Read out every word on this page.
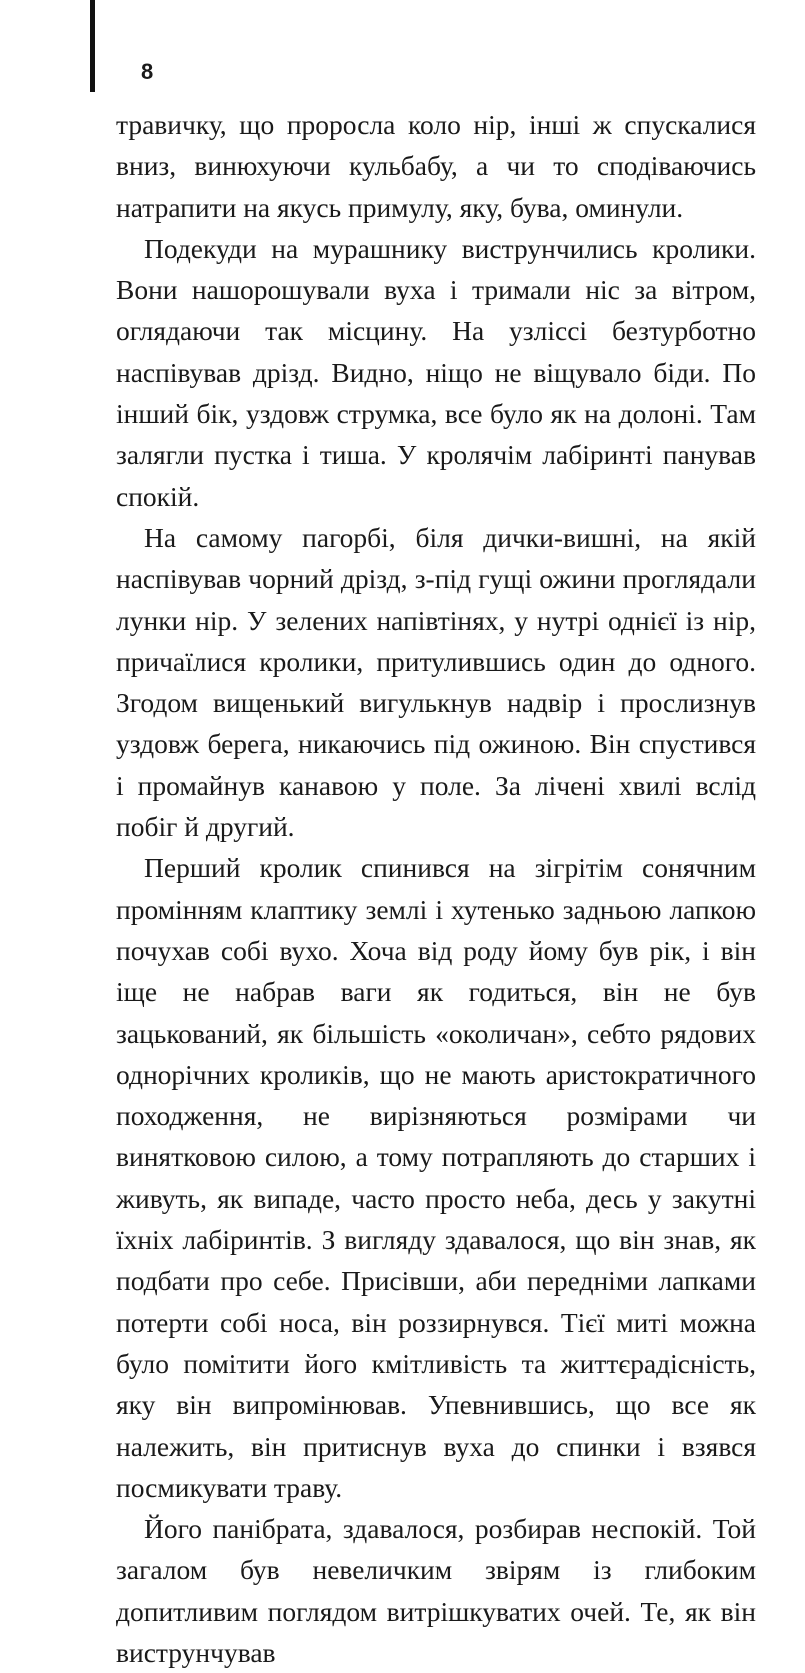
8

травичку, що проросла коло нір, інші ж спускалися вниз, винюхуючи кульбабу, а чи то сподіваючись натрапити на якусь примулу, яку, бува, оминули.

Подекуди на мурашнику виструнчились кролики. Вони нашорошували вуха і тримали ніс за вітром, оглядаючи так місцину. На узліссі безтурботно наспівував дрізд. Видно, ніщо не віщувало біди. По інший бік, уздовж струмка, все було як на долоні. Там залягли пустка і тиша. У кролячім лабіринті панував спокій.

На самому пагорбі, біля дички-вишні, на якій наспівував чорний дрізд, з-під гущі ожини проглядали лунки нір. У зелених напівтінях, у нутрі однієї із нір, причаїлися кролики, притулившись один до одного. Згодом вищенький вигулькнув надвір і прослизнув уздовж берега, никаючись під ожиною. Він спустився і промайнув канавою у поле. За лічені хвилі вслід побіг й другий.

Перший кролик спинився на зігрітім сонячним промінням клаптику землі і хутенько задньою лапкою почухав собі вухо. Хоча від роду йому був рік, і він іще не набрав ваги як годиться, він не був зацькований, як більшість «околичан», себто рядових однорічних кроликів, що не мають аристократичного походження, не вирізняються розмірами чи винятковою силою, а тому потрапляють до старших і живуть, як випаде, часто просто неба, десь у закутні їхніх лабіринтів. З вигляду здавалося, що він знав, як подбати про себе. Присівши, аби передніми лапками потерти собі носа, він роззирнувся. Тієї миті можна було помітити його кмітливість та життєрадісність, яку він випромінював. Упевнившись, що все як належить, він притиснув вуха до спинки і взявся посмикувати траву.

Його панібрата, здавалося, розбирав неспокій. Той загалом був невеличким звірям із глибоким допитливим поглядом витрішкуватих очей. Те, як він виструнчував
